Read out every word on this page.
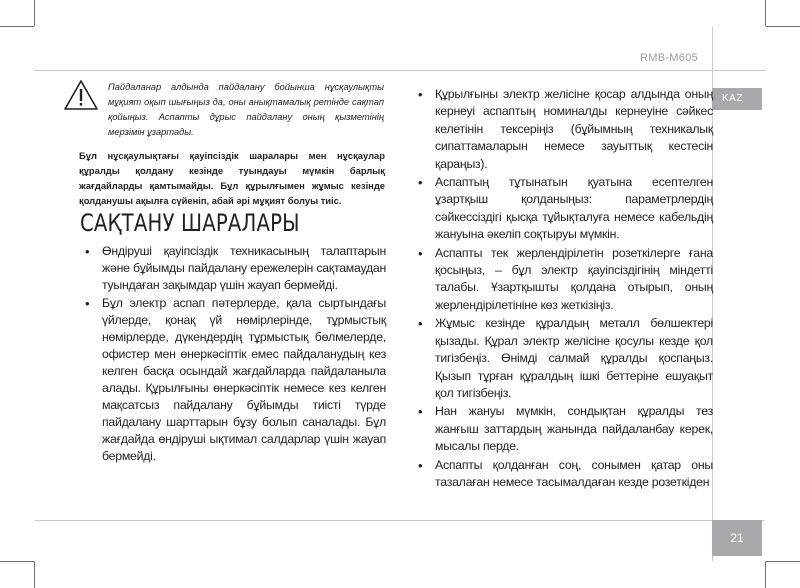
RMB-M605
KAZ
21
Пайдаланар алдында пайдалану бойынша нұсқаулықты мұқият оқып шығыңыз да, оны анықтамалық ретінде сақтап қойыңыз. Аспапты дұрыс пайдалану оның қызметінің мерзімін ұзартады.
Бұл нұсқаулықтағы қауіпсіздік шаралары мен нұсқаулар құралды қолдану кезінде туындауы мүмкін барлық жағдайларды қамтымайды. Бұл құрылғымен жұмыс кезінде қолданушы ақылға сүйеніп, абай әрі мұқият болуы тиіс.
САҚТАНУ ШАРАЛАРЫ
• Өндіруші қауіпсіздік техникасының талаптарын және бұйымды пайдалану ережелерін сақтамаудан туындаған зақымдар үшін жауап бермейді.
• Бұл электр аспап пәтерлерде, қала сыртындағы үйлерде, қонақ үй нөмірлерінде, тұрмыстық нөмірлерде, дүкендердің тұрмыстық бөлмелерде, офистер мен өнеркәсіптік емес пайдаланудың кез келген басқа осындай жағдайларда пайдаланыла алады. Құрылғыны өнеркәсіптік немесе кез келген мақсатсыз пайдалану бұйымды тиісті түрде пайдалану шарттарын бұзу болып саналады. Бұл жағдайда өндіруші ықтимал салдарлар үшін жауап бермейді.
• Құрылғыны электр желісіне қосар алдында оның кернеуі аспаптың номиналды кернеуіне сәйкес келетінін тексеріңіз (бұйымның техникалық сипаттамаларын немесе зауыттық кестесін қараңыз).
• Аспаптың тұтынатын қуатына есептелген ұзартқыш қолданыңыз: параметрлердің сәйкессіздігі қысқа тұйықталуға немесе кабельдің жануына әкеліп соқтыруы мүмкін.
• Аспапты тек жерлендірілетін розеткілерге ғана қосыңыз, – бұл электр қауіпсіздігінің міндетті талабы. Ұзартқышты қолдана отырып, оның жерлендірілетініне көз жеткізіңіз.
• Жұмыс кезінде құралдың металл бөлшектері қызады. Құрал электр желісіне қосулы кезде қол тигізбеңіз. Өнімді салмай құралды қоспаңыз. Қызып тұрған құралдың ішкі беттеріне ешуақыт қол тигізбеңіз.
• Нан жануы мүмкін, сондықтан құралды тез жанғыш заттардың жанында пайдаланбау керек, мысалы перде.
• Аспапты қолданған соң, сонымен қатар оны тазалаған немесе тасымалдаған кезде розеткіден
